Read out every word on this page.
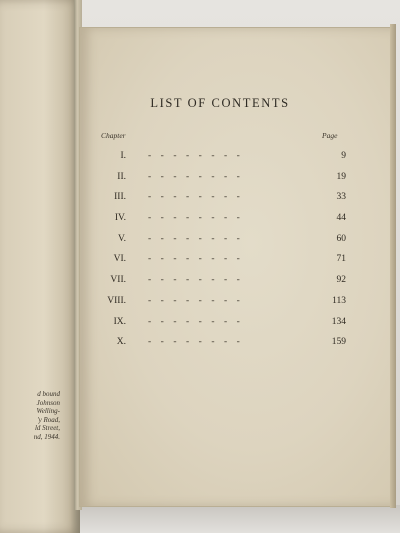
d bound
Johnson
Welling-
'y Road,
ld Street,
nd, 1944.
LIST OF CONTENTS
Chapter	Page
I. -    -    -    -    -    -    -    -	9
II. -    -    -    -    -    -    -    -	19
III. -    -    -    -    -    -    -    -	33
IV. -    -    -    -    -    -    -    -	44
V. -    -    -    -    -    -    -    -	60
VI. -    -    -    -    -    -    -    -	71
VII. -    -    -    -    -    -    -    -	92
VIII. -    -    -    -    -    -    -    -	113
IX. -    -    -    -    -    -    -    -	134
X. -    -    -    -    -    -    -    -	159
